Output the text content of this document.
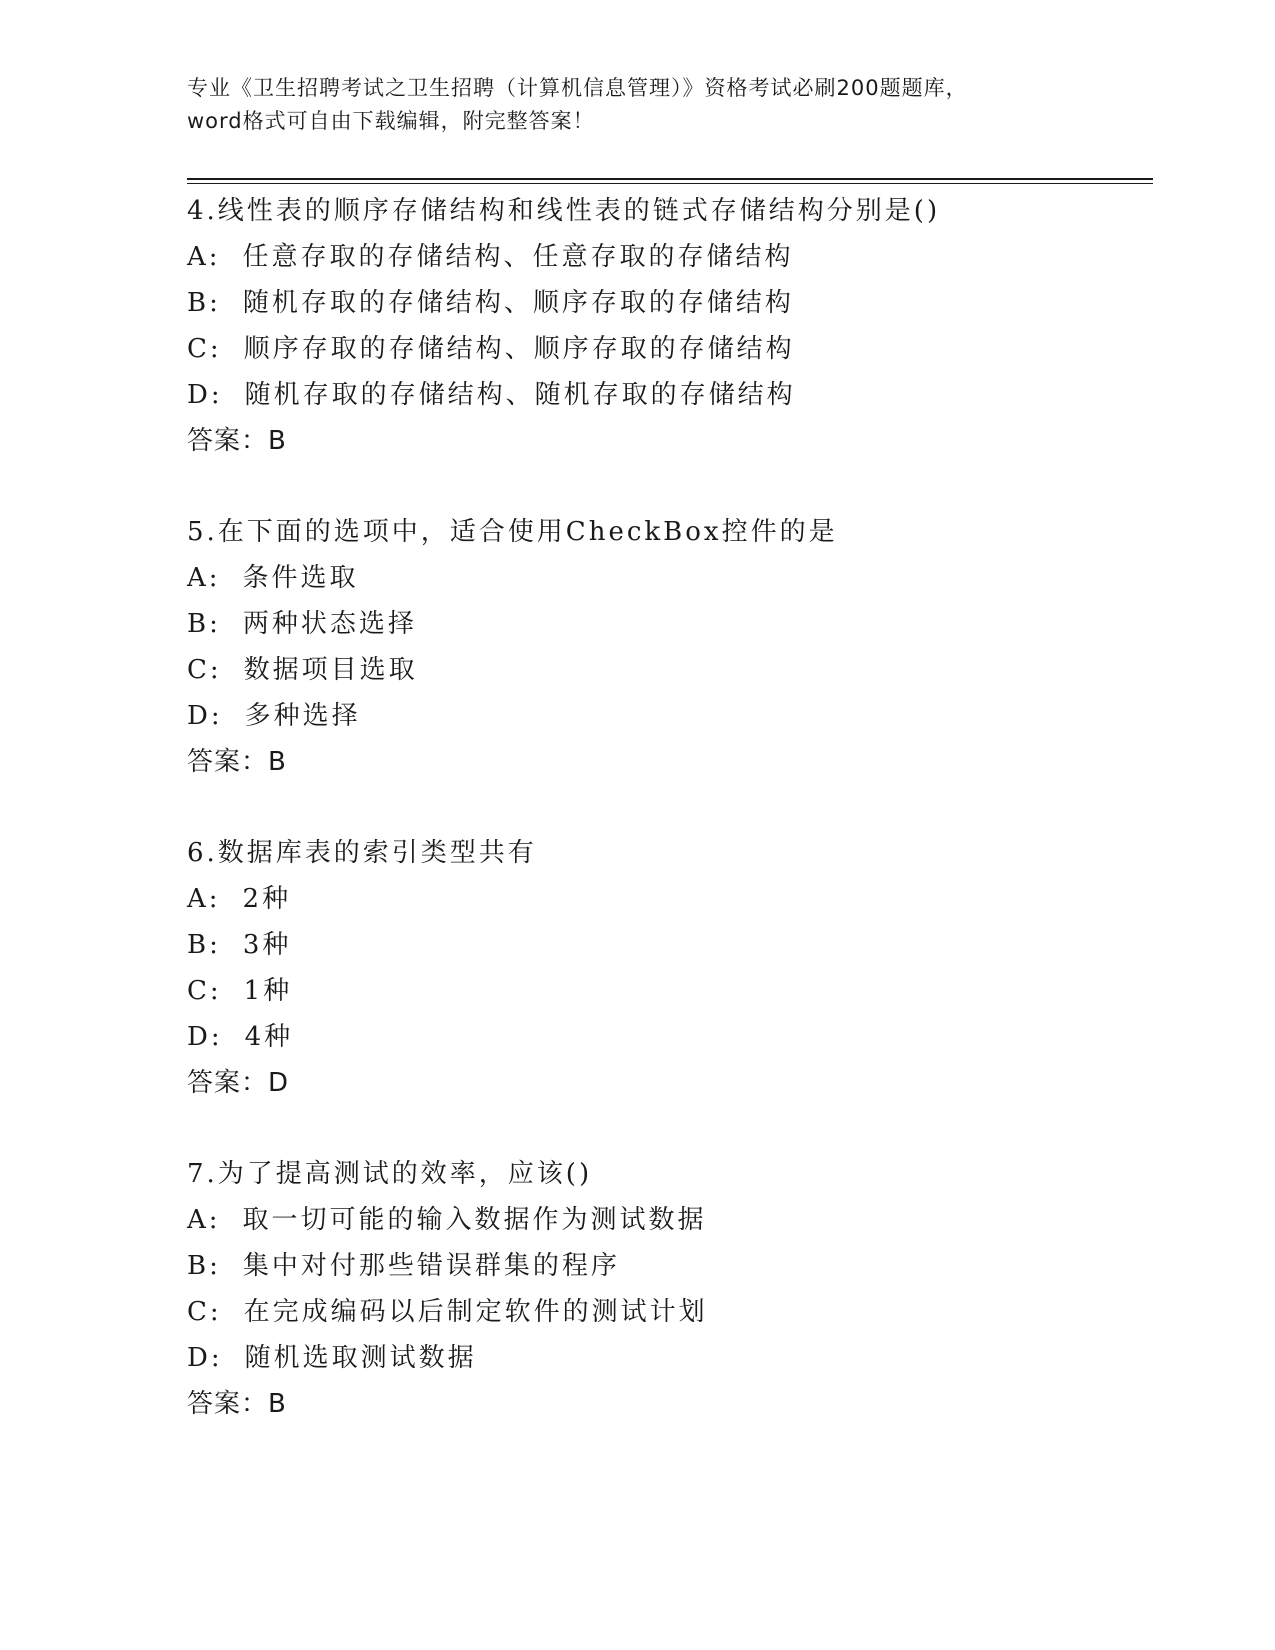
专业《卫生招聘考试之卫生招聘（计算机信息管理）》资格考试必刷200题题库，

word格式可自由下载编辑，附完整答案！

4.线性表的顺序存储结构和线性表的链式存储结构分别是()
A: 任意存取的存储结构、任意存取的存储结构
B: 随机存取的存储结构、顺序存取的存储结构
C: 顺序存取的存储结构、顺序存取的存储结构
D: 随机存取的存储结构、随机存取的存储结构
答案：B
5.在下面的选项中，适合使用CheckBox控件的是
A: 条件选取
B: 两种状态选择
C: 数据项目选取
D: 多种选择
答案：B
6.数据库表的索引类型共有
A: 2种
B: 3种
C: 1种
D: 4种
答案：D
7.为了提高测试的效率，应该()
A: 取一切可能的输入数据作为测试数据
B: 集中对付那些错误群集的程序
C: 在完成编码以后制定软件的测试计划
D: 随机选取测试数据
答案：B
